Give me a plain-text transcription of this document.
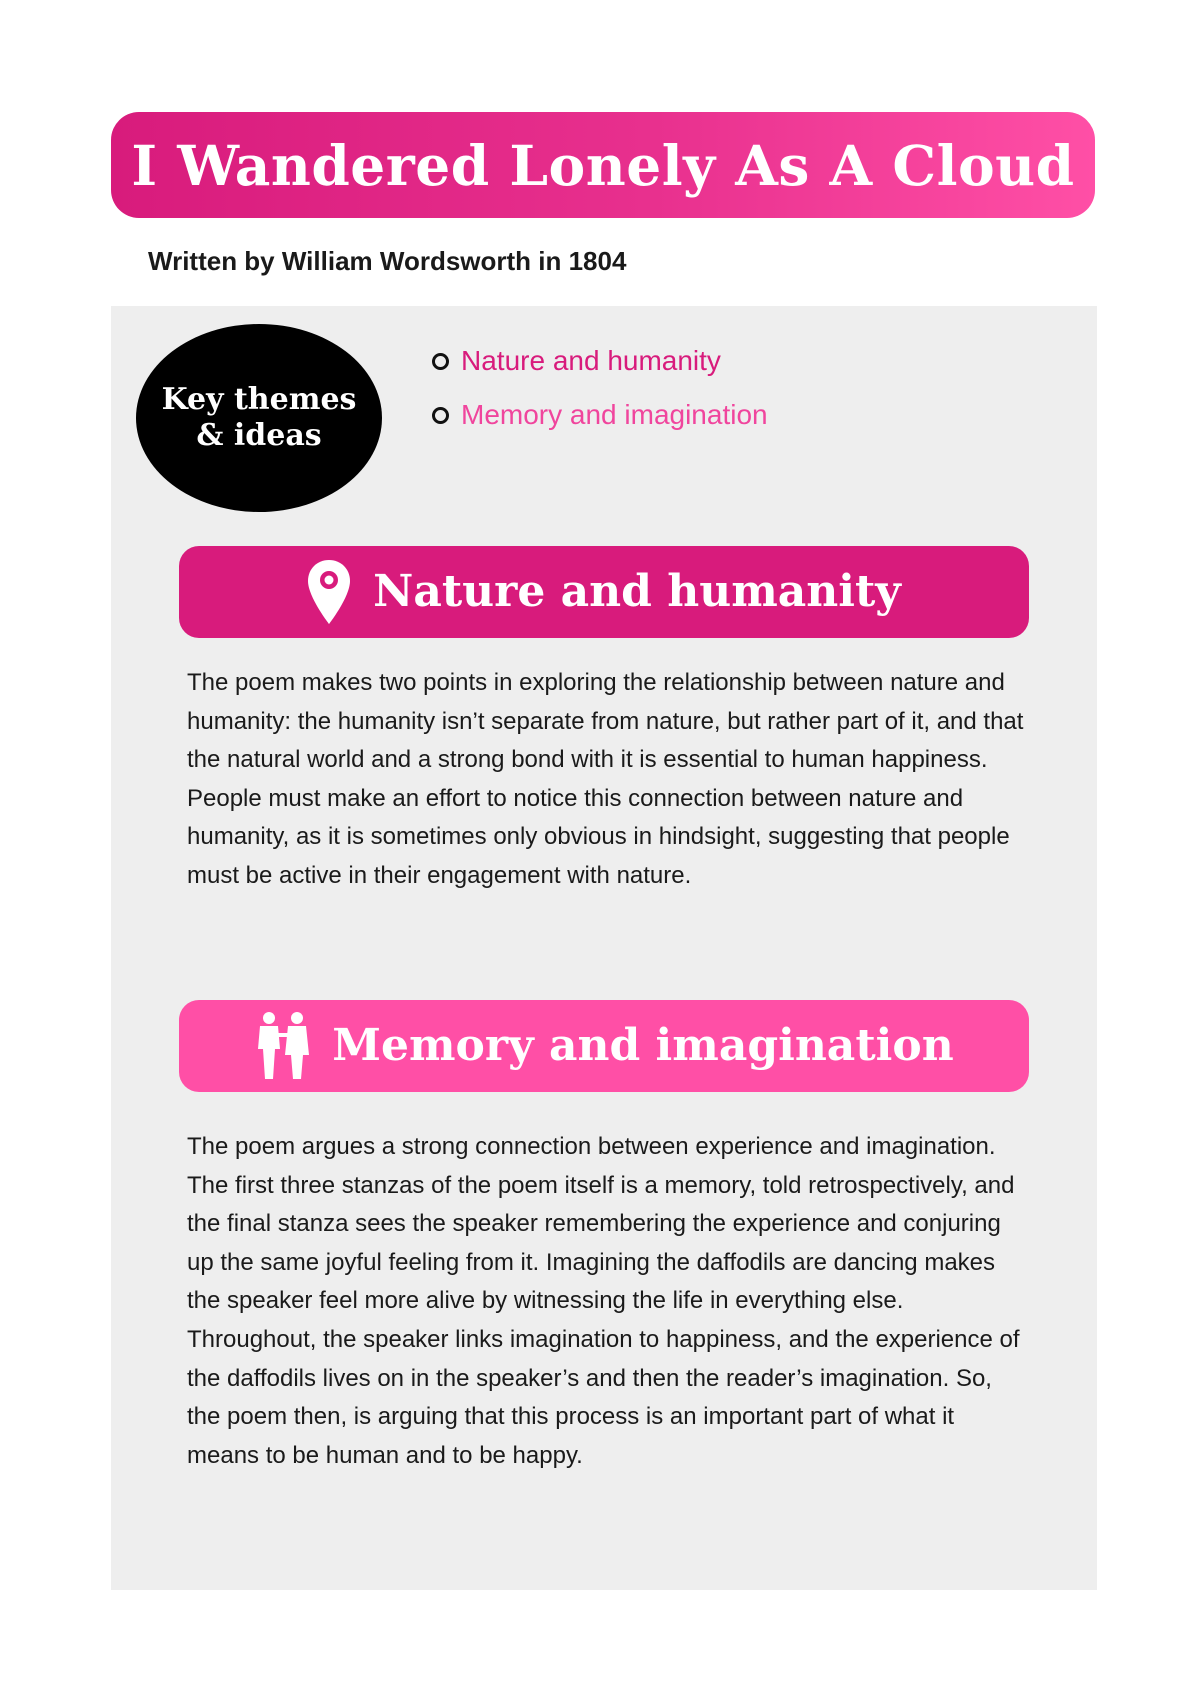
I Wandered Lonely As A Cloud

Written by William Wordsworth in 1804

Key themes
& ideas
Nature and humanity
Memory and imagination
Nature and humanity

The poem makes two points in exploring the relationship between nature and humanity: the humanity isn’t separate from nature, but rather part of it, and that the natural world and a strong bond with it is essential to human happiness. People must make an effort to notice this connection between nature and humanity, as it is sometimes only obvious in hindsight, suggesting that people must be active in their engagement with nature.

Memory and imagination

The poem argues a strong connection between experience and imagination. The first three stanzas of the poem itself is a memory, told retrospectively, and the final stanza sees the speaker remembering the experience and conjuring up the same joyful feeling from it. Imagining the daffodils are dancing makes the speaker feel more alive by witnessing the life in everything else. Throughout, the speaker links imagination to happiness, and the experience of the daffodils lives on in the speaker’s and then the reader’s imagination. So, the poem then, is arguing that this process is an important part of what it means to be human and to be happy.
